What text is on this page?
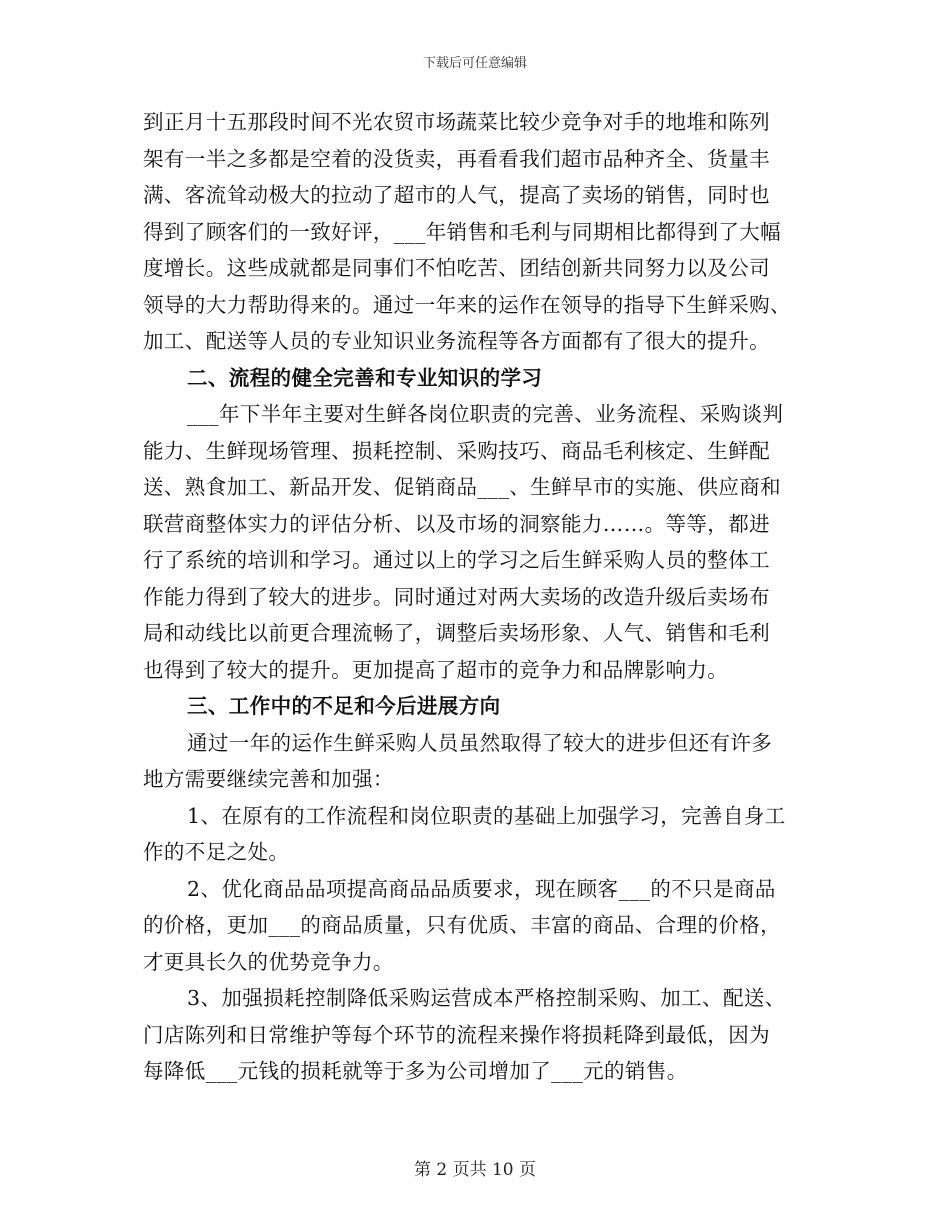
下载后可任意编辑
到正月十五那段时间不光农贸市场蔬菜比较少竞争对手的地堆和陈列
架有一半之多都是空着的没货卖，再看看我们超市品种齐全、货量丰
满、客流耸动极大的拉动了超市的人气，提高了卖场的销售，同时也
得到了顾客们的一致好评，___年销售和毛利与同期相比都得到了大幅
度增长。这些成就都是同事们不怕吃苦、团结创新共同努力以及公司
领导的大力帮助得来的。通过一年来的运作在领导的指导下生鲜采购、
加工、配送等人员的专业知识业务流程等各方面都有了很大的提升。
二、流程的健全完善和专业知识的学习
___年下半年主要对生鲜各岗位职责的完善、业务流程、采购谈判
能力、生鲜现场管理、损耗控制、采购技巧、商品毛利核定、生鲜配
送、熟食加工、新品开发、促销商品___、生鲜早市的实施、供应商和
联营商整体实力的评估分析、以及市场的洞察能力……。等等，都进
行了系统的培训和学习。通过以上的学习之后生鲜采购人员的整体工
作能力得到了较大的进步。同时通过对两大卖场的改造升级后卖场布
局和动线比以前更合理流畅了，调整后卖场形象、人气、销售和毛利
也得到了较大的提升。更加提高了超市的竞争力和品牌影响力。
三、工作中的不足和今后进展方向
通过一年的运作生鲜采购人员虽然取得了较大的进步但还有许多
地方需要继续完善和加强：
1、在原有的工作流程和岗位职责的基础上加强学习，完善自身工
作的不足之处。
2、优化商品品项提高商品品质要求，现在顾客___的不只是商品
的价格，更加___的商品质量，只有优质、丰富的商品、合理的价格，
才更具长久的优势竞争力。
3、加强损耗控制降低采购运营成本严格控制采购、加工、配送、
门店陈列和日常维护等每个环节的流程来操作将损耗降到最低，因为
每降低___元钱的损耗就等于多为公司增加了___元的销售。
第 2 页共 10 页
